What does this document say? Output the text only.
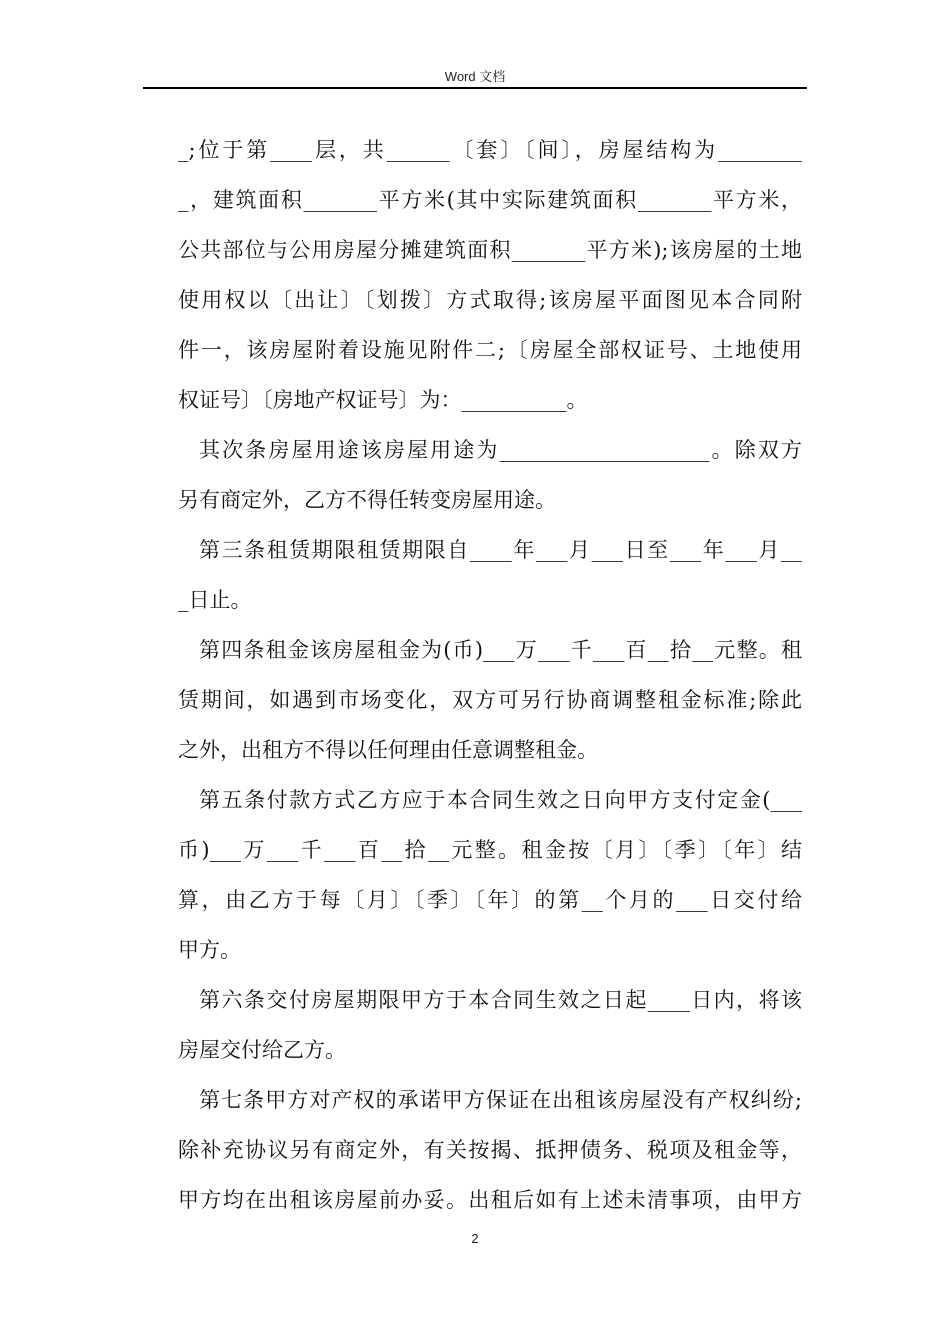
Word 文档
_;位于第____层，共______〔套〕〔间〕，房屋结构为________
_，建筑面积_______平方米(其中实际建筑面积_______平方米，
公共部位与公用房屋分摊建筑面积_______平方米);该房屋的土地
使用权以〔出让〕〔划拨〕方式取得;该房屋平面图见本合同附
件一，该房屋附着设施见附件二;〔房屋全部权证号、土地使用
权证号〕〔房地产权证号〕为：__________。
其次条房屋用途该房屋用途为____________________。除双方
另有商定外，乙方不得任转变房屋用途。
第三条租赁期限租赁期限自____年___月___日至___年___月__
_日止。
第四条租金该房屋租金为(币)___万___千___百__拾__元整。租
赁期间，如遇到市场变化，双方可另行协商调整租金标准;除此
之外，出租方不得以任何理由任意调整租金。
第五条付款方式乙方应于本合同生效之日向甲方支付定金(___
币)___万___千___百__拾__元整。租金按〔月〕〔季〕〔年〕结
算，由乙方于每〔月〕〔季〕〔年〕的第__个月的___日交付给
甲方。
第六条交付房屋期限甲方于本合同生效之日起____日内，将该
房屋交付给乙方。
第七条甲方对产权的承诺甲方保证在出租该房屋没有产权纠纷;
除补充协议另有商定外，有关按揭、抵押债务、税项及租金等，
甲方均在出租该房屋前办妥。出租后如有上述未清事项，由甲方
2
